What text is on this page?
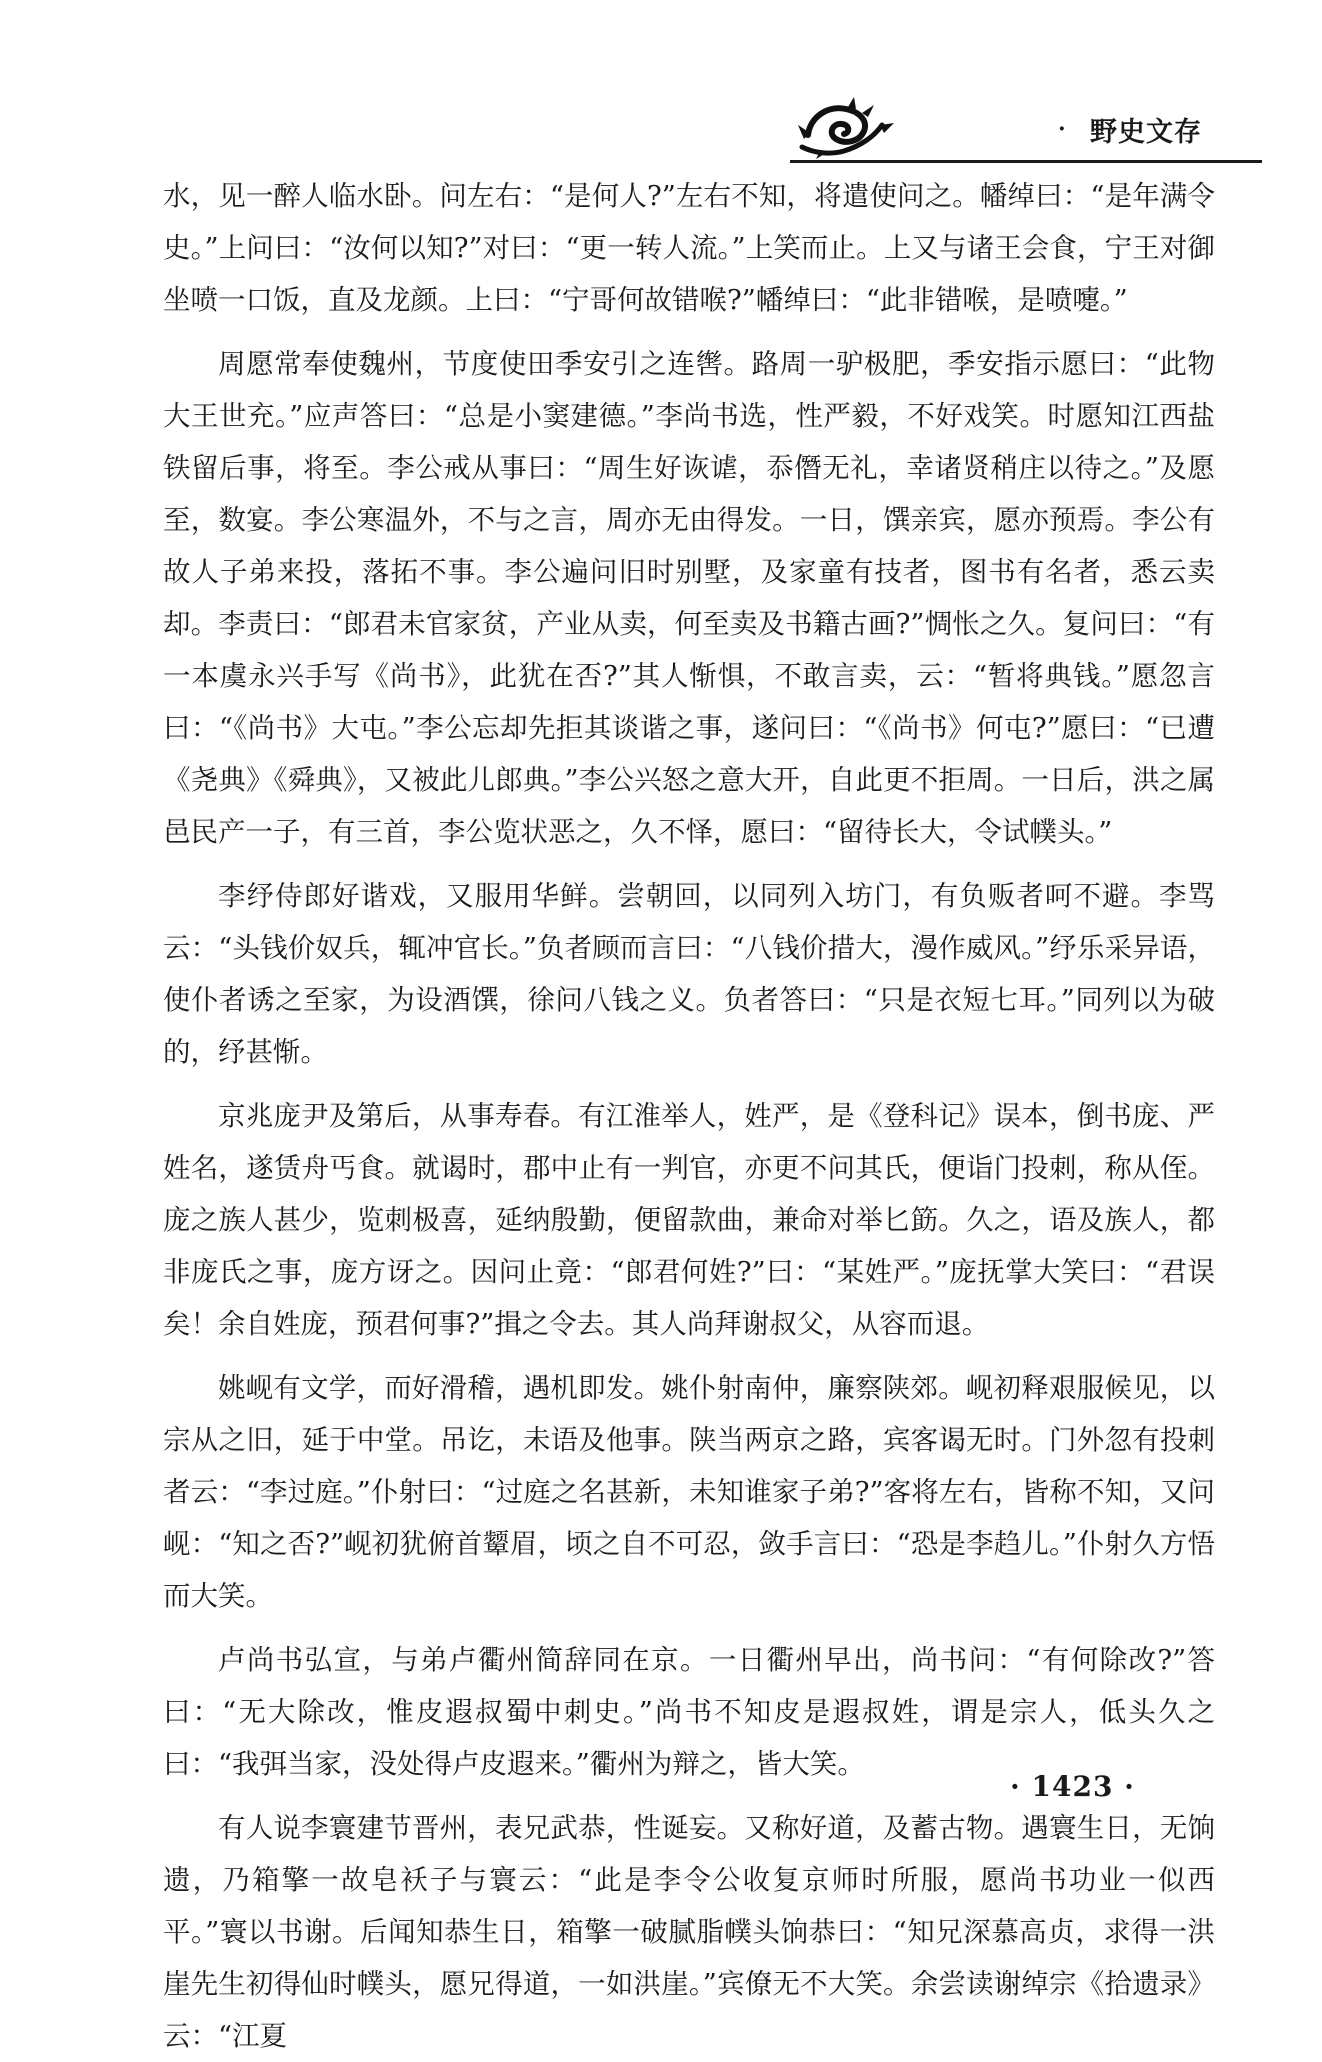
· 野史文存

水，见一醉人临水卧。问左右：“是何人?”左右不知，将遣使问之。幡绰曰：“是年满令史。”上问曰：“汝何以知?”对曰：“更一转人流。”上笑而止。上又与诸王会食，宁王对御坐喷一口饭，直及龙颜。上曰：“宁哥何故错喉?”幡绰曰：“此非错喉，是喷嚏。”

周愿常奉使魏州，节度使田季安引之连辔。路周一驴极肥，季安指示愿曰：“此物大王世充。”应声答曰：“总是小窦建德。”李尚书选，性严毅，不好戏笑。时愿知江西盐铁留后事，将至。李公戒从事曰：“周生好诙谑，忝僭无礼，幸诸贤稍庄以待之。”及愿至，数宴。李公寒温外，不与之言，周亦无由得发。一日，馔亲宾，愿亦预焉。李公有故人子弟来投，落拓不事。李公遍问旧时别墅，及家童有技者，图书有名者，悉云卖却。李责曰：“郎君未官家贫，产业从卖，何至卖及书籍古画?”惆怅之久。复问曰：“有一本虞永兴手写《尚书》，此犹在否?”其人惭惧，不敢言卖，云：“暂将典钱。”愿忽言曰：“《尚书》大屯。”李公忘却先拒其谈谐之事，遂问曰：“《尚书》何屯?”愿曰：“已遭《尧典》《舜典》，又被此儿郎典。”李公兴怒之意大开，自此更不拒周。一日后，洪之属邑民产一子，有三首，李公览状恶之，久不怿，愿曰：“留待长大，令试幞头。”

李纾侍郎好谐戏，又服用华鲜。尝朝回，以同列入坊门，有负贩者呵不避。李骂云：“头钱价奴兵，辄冲官长。”负者顾而言曰：“八钱价措大，漫作威风。”纾乐采异语，使仆者诱之至家，为设酒馔，徐问八钱之义。负者答曰：“只是衣短七耳。”同列以为破的，纾甚惭。

京兆庞尹及第后，从事寿春。有江淮举人，姓严，是《登科记》误本，倒书庞、严姓名，遂赁舟丐食。就谒时，郡中止有一判官，亦更不问其氏，便诣门投刺，称从侄。庞之族人甚少，览刺极喜，延纳殷勤，便留款曲，兼命对举匕筯。久之，语及族人，都非庞氏之事，庞方讶之。因问止竟：“郎君何姓?”曰：“某姓严。”庞抚掌大笑曰：“君误矣！余自姓庞，预君何事?”揖之令去。其人尚拜谢叔父，从容而退。

姚岘有文学，而好滑稽，遇机即发。姚仆射南仲，廉察陕郊。岘初释艰服候见，以宗从之旧，延于中堂。吊讫，未语及他事。陕当两京之路，宾客谒无时。门外忽有投刺者云：“李过庭。”仆射曰：“过庭之名甚新，未知谁家子弟?”客将左右，皆称不知，又问岘：“知之否?”岘初犹俯首颦眉，顷之自不可忍，敛手言曰：“恐是李趋儿。”仆射久方悟而大笑。

卢尚书弘宣，与弟卢衢州简辞同在京。一日衢州早出，尚书问：“有何除改?”答曰：“无大除改，惟皮遐叔蜀中刺史。”尚书不知皮是遐叔姓，谓是宗人，低头久之曰：“我弭当家，没处得卢皮遐来。”衢州为辩之，皆大笑。

有人说李寰建节晋州，表兄武恭，性诞妄。又称好道，及蓄古物。遇寰生日，无饷遗，乃箱擎一故皂袄子与寰云：“此是李令公收复京师时所服，愿尚书功业一似西平。”寰以书谢。后闻知恭生日，箱擎一破腻脂幞头饷恭曰：“知兄深慕高贞，求得一洪崖先生初得仙时幞头，愿兄得道，一如洪崖。”宾僚无不大笑。余尝读谢绰宗《拾遗录》云：“江夏

· 1423 ·
